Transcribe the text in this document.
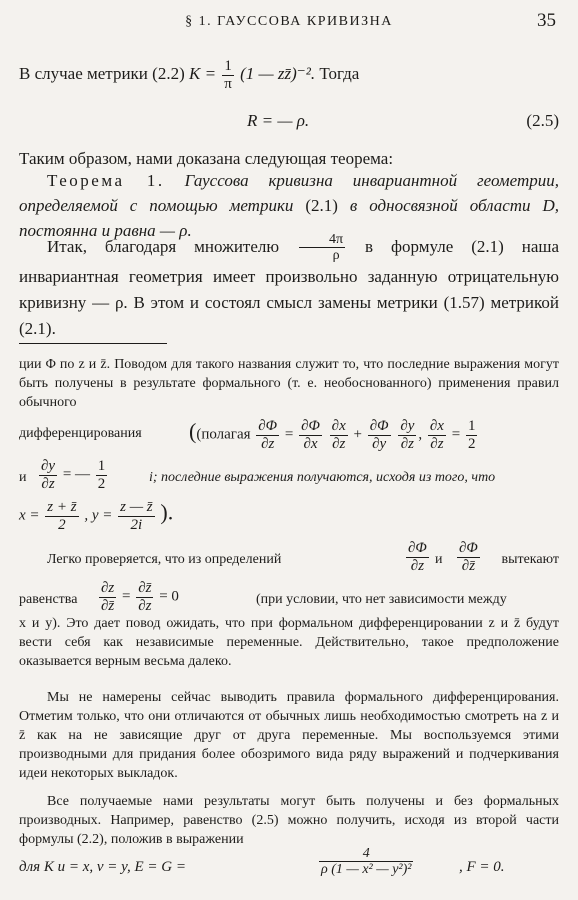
§ 1. ГАУССОВА КРИВИЗНА	35
В случае метрики (2.2) $K = \frac{1}{\pi} (1$ — zz̄)⁻². Тогда
R = — ρ.	(2.5)
Таким образом, нами доказана следующая теорема:
Теорема 1. Гауссова кривизна инвариантной геометрии, определяемой с помощью метрики (2.1) в односвязной области D, постоянна и равна — ρ.
Итак, благодаря множителю $\frac{4\pi}{\rho}$ в формуле (2.1) наша инвариантная геометрия имеет произвольно заданную отрицательную кривизну — ρ. В этом и состоял смысл замены метрики (1.57) метрикой (2.1).
ции Φ по z и z̄. Поводом для такого названия служит то, что последние выражения могут быть получены в результате формального (т. е. необоснованного) применения правил обычного
дифференцирования ((полагая $\frac{\partial\Phi}{\partial z} = \frac{\partial\Phi}{\partial x}$
$\frac{\partial x}{\partial z} + \frac{\partial\Phi}{\partial y}$
$\frac{\partial y}{\partial z}$ , $\frac{\partial x}{\partial z} = \frac{1}{2}$
и $\frac{\partial y}{\partial z}$ = — $\frac{1}{2}$	i; последние выражения получаются, исходя из того, что
$x = \frac{z + z̄}{2}$ , $y = \frac{z — z̄}{2i}$ ).
Легко проверяется, что из определений	$\frac{\partial\Phi}{\partial z}$ и $\frac{\partial\Phi}{\partial z̄}$ вытекают
равенства $\frac{\partial z}{\partial z̄} = \frac{\partial z̄}{\partial z} = 0$	(при условии, что нет зависимости между
x и y). Это дает повод ожидать, что при формальном дифференцировании z и z̄ будут вести себя как независимые переменные. Действительно, такое предположение оказывается верным весьма далеко.
Мы не намерены сейчас выводить правила формального дифференцирования. Отметим только, что они отличаются от обычных лишь необходимостью смотреть на z и z̄ как на не зависящие друг от друга переменные. Мы воспользуемся этими производными для придания более обозримого вида ряду выражений и подчеркивания идеи некоторых выкладок.
Все получаемые нами результаты могут быть получены и без формальных производных. Например, равенство (2.5) можно получить, исходя из второй части формулы (2.2), положив в выражении
для K u = x, v = y, E = G =	$\frac{4}{\text{ρ (1 — x² — y²)²}}$	, F = 0.
